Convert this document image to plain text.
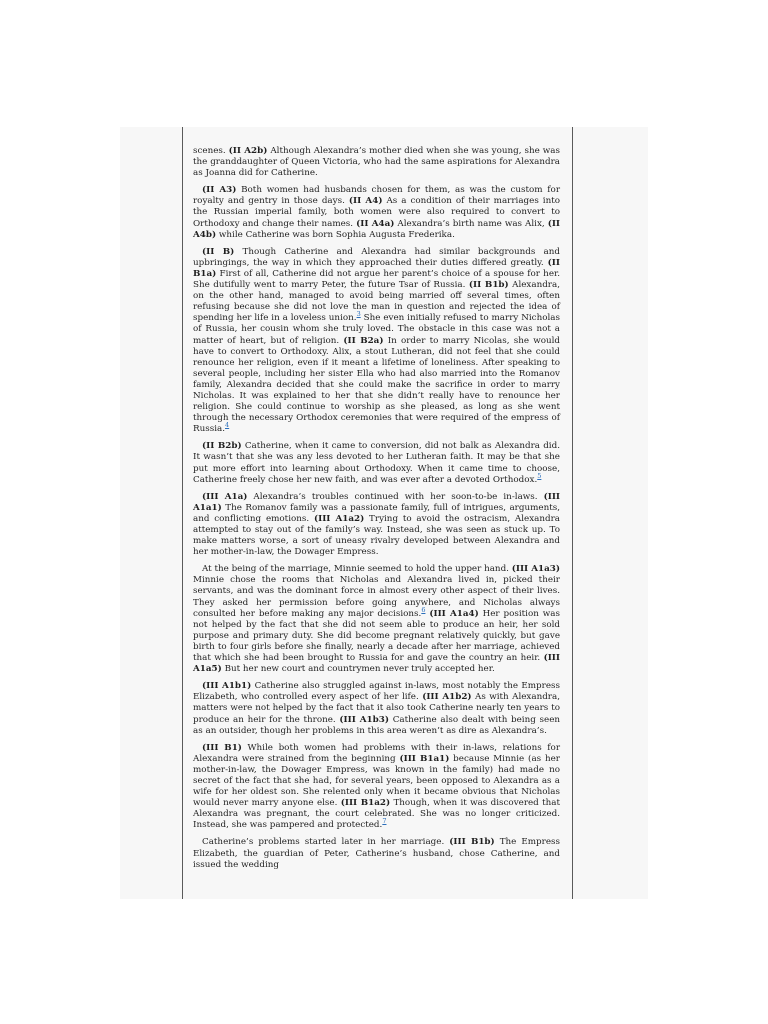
scenes. (II A2b) Although Alexandra’s mother died when she was young, she was the granddaughter of Queen Victoria, who had the same aspirations for Alexandra as Joanna did for Catherine.

(II A3) Both women had husbands chosen for them, as was the custom for royalty and gentry in those days. (II A4) As a condition of their marriages into the Russian imperial family, both women were also required to convert to Orthodoxy and change their names. (II A4a) Alexandra’s birth name was Alix, (II A4b) while Catherine was born Sophia Augusta Frederika.

(II B) Though Catherine and Alexandra had similar backgrounds and upbringings, the way in which they approached their duties differed greatly. (II B1a) First of all, Catherine did not argue her parent’s choice of a spouse for her. She dutifully went to marry Peter, the future Tsar of Russia. (II B1b) Alexandra, on the other hand, managed to avoid being married off several times, often refusing because she did not love the man in question and rejected the idea of spending her life in a loveless union.$^3$ She even initially refused to marry Nicholas of Russia, her cousin whom she truly loved. The obstacle in this case was not a matter of heart, but of religion. (II B2a) In order to marry Nicolas, she would have to convert to Orthodoxy. Alix, a stout Lutheran, did not feel that she could renounce her religion, even if it meant a lifetime of loneliness. After speaking to several people, including her sister Ella who had also married into the Romanov family, Alexandra decided that she could make the sacrifice in order to marry Nicholas. It was explained to her that she didn’t really have to renounce her religion. She could continue to worship as she pleased, as long as she went through the necessary Orthodox ceremonies that were required of the empress of Russia.$^4$

(II B2b) Catherine, when it came to conversion, did not balk as Alexandra did. It wasn’t that she was any less devoted to her Lutheran faith. It may be that she put more effort into learning about Orthodoxy. When it came time to choose, Catherine freely chose her new faith, and was ever after a devoted Orthodox.$^5$

(III A1a) Alexandra’s troubles continued with her soon-to-be in-laws. (III A1a1) The Romanov family was a passionate family, full of intrigues, arguments, and conflicting emotions. (III A1a2) Trying to avoid the ostracism, Alexandra attempted to stay out of the family’s way. Instead, she was seen as stuck up. To make matters worse, a sort of uneasy rivalry developed between Alexandra and her mother-in-law, the Dowager Empress.

At the being of the marriage, Minnie seemed to hold the upper hand. (III A1a3) Minnie chose the rooms that Nicholas and Alexandra lived in, picked their servants, and was the dominant force in almost every other aspect of their lives. They asked her permission before going anywhere, and Nicholas always consulted her before making any major decisions.$^6$ (III A1a4) Her position was not helped by the fact that she did not seem able to produce an heir, her sold purpose and primary duty. She did become pregnant relatively quickly, but gave birth to four girls before she finally, nearly a decade after her marriage, achieved that which she had been brought to Russia for and gave the country an heir. (III A1a5) But her new court and countrymen never truly accepted her.

(III A1b1) Catherine also struggled against in-laws, most notably the Empress Elizabeth, who controlled every aspect of her life. (III A1b2) As with Alexandra, matters were not helped by the fact that it also took Catherine nearly ten years to produce an heir for the throne. (III A1b3) Catherine also dealt with being seen as an outsider, though her problems in this area weren’t as dire as Alexandra’s.

(III B1) While both women had problems with their in-laws, relations for Alexandra were strained from the beginning (III B1a1) because Minnie (as her mother-in-law, the Dowager Empress, was known in the family) had made no secret of the fact that she had, for several years, been opposed to Alexandra as a wife for her oldest son. She relented only when it became obvious that Nicholas would never marry anyone else. (III B1a2) Though, when it was discovered that Alexandra was pregnant, the court celebrated. She was no longer criticized. Instead, she was pampered and protected.$^7$

Catherine’s problems started later in her marriage. (III B1b) The Empress Elizabeth, the guardian of Peter, Catherine’s husband, chose Catherine, and issued the wedding
